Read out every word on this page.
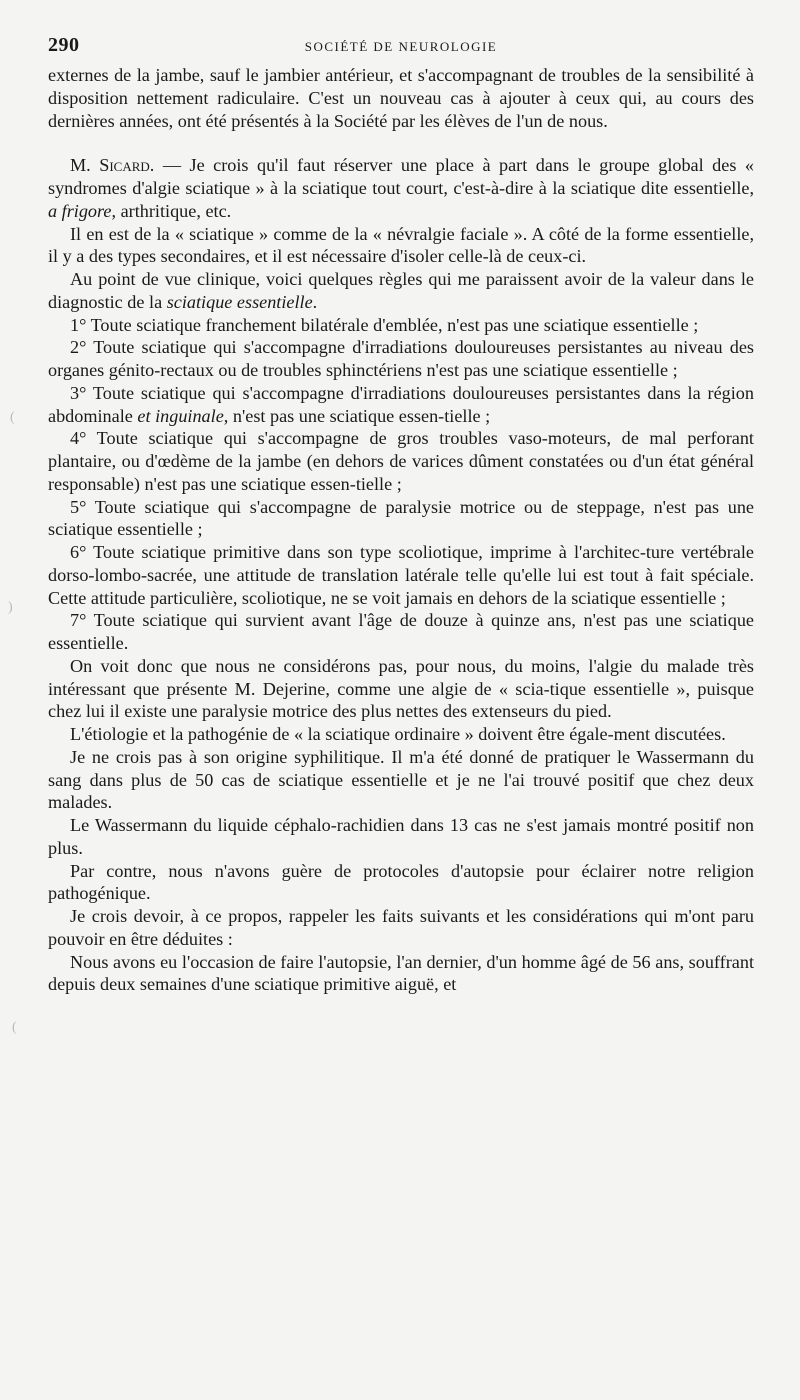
290	SOCIÉTÉ DE NEUROLOGIE

externes de la jambe, sauf le jambier antérieur, et s'accompagnant de troubles de la sensibilité à disposition nettement radiculaire. C'est un nouveau cas à ajouter à ceux qui, au cours des dernières années, ont été présentés à la Société par les élèves de l'un de nous.

M. Sicard. — Je crois qu'il faut réserver une place à part dans le groupe global des « syndromes d'algie sciatique » à la sciatique tout court, c'est-à-dire à la sciatique dite essentielle, a frigore, arthritique, etc.

Il en est de la « sciatique » comme de la « névralgie faciale ». A côté de la forme essentielle, il y a des types secondaires, et il est nécessaire d'isoler celle-là de ceux-ci.

Au point de vue clinique, voici quelques règles qui me paraissent avoir de la valeur dans le diagnostic de la sciatique essentielle.

1° Toute sciatique franchement bilatérale d'emblée, n'est pas une sciatique essentielle ;

2° Toute sciatique qui s'accompagne d'irradiations douloureuses persistantes au niveau des organes génito-rectaux ou de troubles sphinctériens n'est pas une sciatique essentielle ;

3° Toute sciatique qui s'accompagne d'irradiations douloureuses persistantes dans la région abdominale et inguinale, n'est pas une sciatique essen-tielle ;

4° Toute sciatique qui s'accompagne de gros troubles vaso-moteurs, de mal perforant plantaire, ou d'œdème de la jambe (en dehors de varices dûment constatées ou d'un état général responsable) n'est pas une sciatique essen-tielle ;

5° Toute sciatique qui s'accompagne de paralysie motrice ou de steppage, n'est pas une sciatique essentielle ;

6° Toute sciatique primitive dans son type scoliotique, imprime à l'architec-ture vertébrale dorso-lombo-sacrée, une attitude de translation latérale telle qu'elle lui est tout à fait spéciale. Cette attitude particulière, scoliotique, ne se voit jamais en dehors de la sciatique essentielle ;

7° Toute sciatique qui survient avant l'âge de douze à quinze ans, n'est pas une sciatique essentielle.

On voit donc que nous ne considérons pas, pour nous, du moins, l'algie du malade très intéressant que présente M. Dejerine, comme une algie de « scia-tique essentielle », puisque chez lui il existe une paralysie motrice des plus nettes des extenseurs du pied.

L'étiologie et la pathogénie de « la sciatique ordinaire » doivent être égale-ment discutées.

Je ne crois pas à son origine syphilitique. Il m'a été donné de pratiquer le Wassermann du sang dans plus de 50 cas de sciatique essentielle et je ne l'ai trouvé positif que chez deux malades.

Le Wassermann du liquide céphalo-rachidien dans 13 cas ne s'est jamais montré positif non plus.

Par contre, nous n'avons guère de protocoles d'autopsie pour éclairer notre religion pathogénique.

Je crois devoir, à ce propos, rappeler les faits suivants et les considérations qui m'ont paru pouvoir en être déduites :

Nous avons eu l'occasion de faire l'autopsie, l'an dernier, d'un homme âgé de 56 ans, souffrant depuis deux semaines d'une sciatique primitive aiguë, et

(
)
(
